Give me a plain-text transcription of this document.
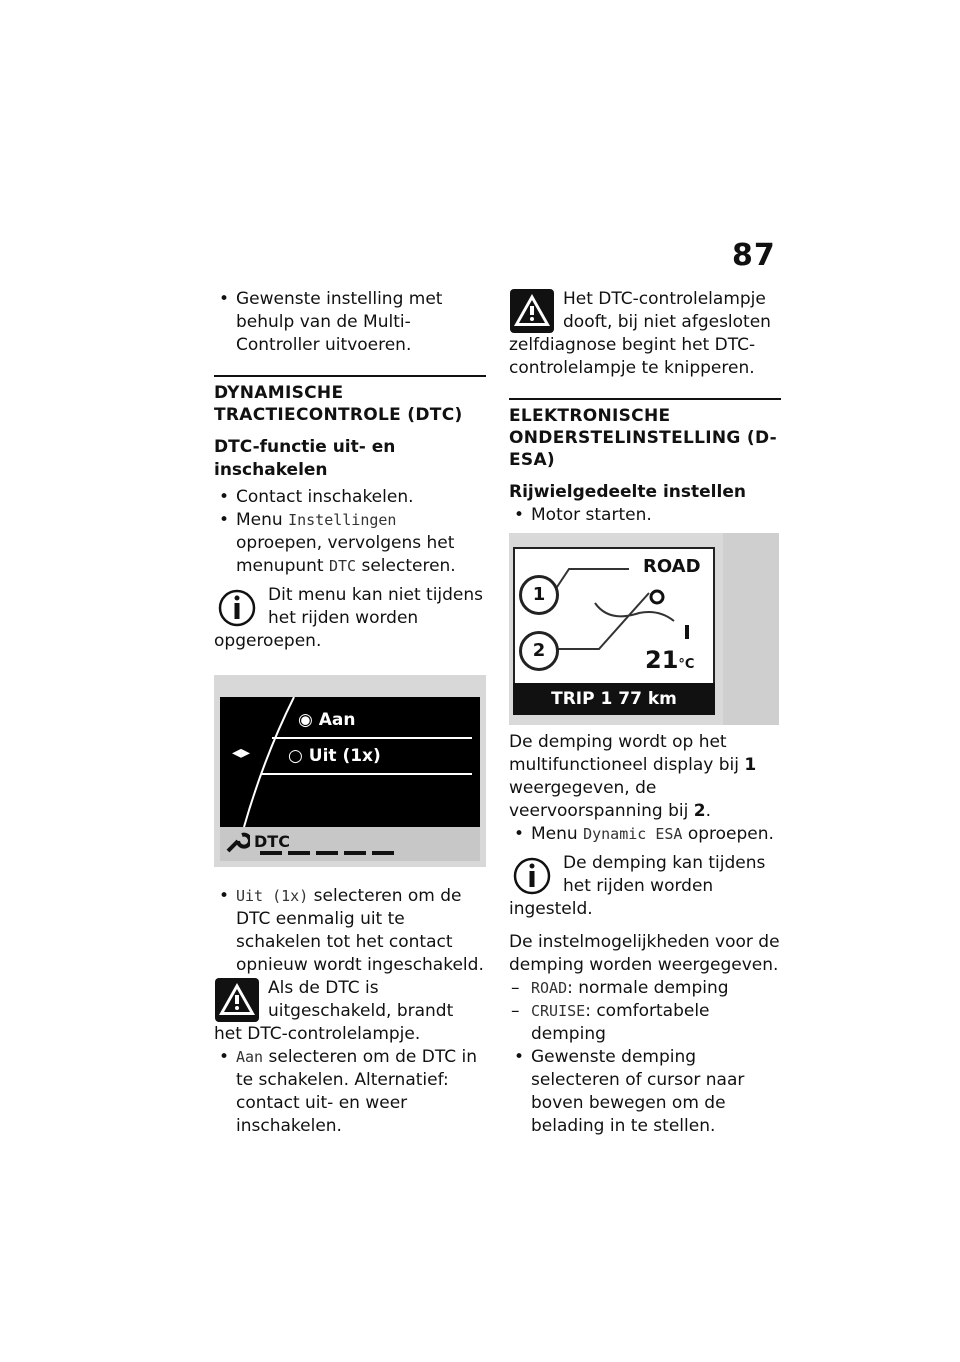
87

• Gewenste instelling met behulp van de Multi-Controller uitvoeren.

DYNAMISCHE TRACTIECONTROLE (DTC)
DTC-functie uit- en inschakelen

• Contact inschakelen.

• Menu Instellingen oproepen, vervolgens het menupunt DTC selecteren.

Dit menu kan niet tijdens het rijden worden opgeroepen.
◉ Aan
◂▸ ○ Uit (1x)
DTC

• Uit (1x) selecteren om de DTC eenmalig uit te schakelen tot het contact opnieuw wordt ingeschakeld.

Als de DTC is uitgeschakeld, brandt het DTC-controlelampje.

• Aan selecteren om de DTC in te schakelen. Alternatief: contact uit- en weer inschakelen.

Het DTC-controlelampje dooft, bij niet afgesloten zelfdiagnose begint het DTC-controlelampje te knipperen.
ELEKTRONISCHE ONDERSTELINSTELLING (D-ESA)
Rijwielgedeelte instellen

• Motor starten.

ROAD
21°C
1
2
TRIP 1 77 km

De demping wordt op het multifunctioneel display bij 1 weergegeven, de veervoorspanning bij 2.

• Menu Dynamic ESA oproepen.

De demping kan tijdens het rijden worden ingesteld.

De instelmogelijkheden voor de demping worden weergegeven.

– ROAD: normale demping

– CRUISE: comfortabele demping

• Gewenste demping selecteren of cursor naar boven bewegen om de belading in te stellen.
